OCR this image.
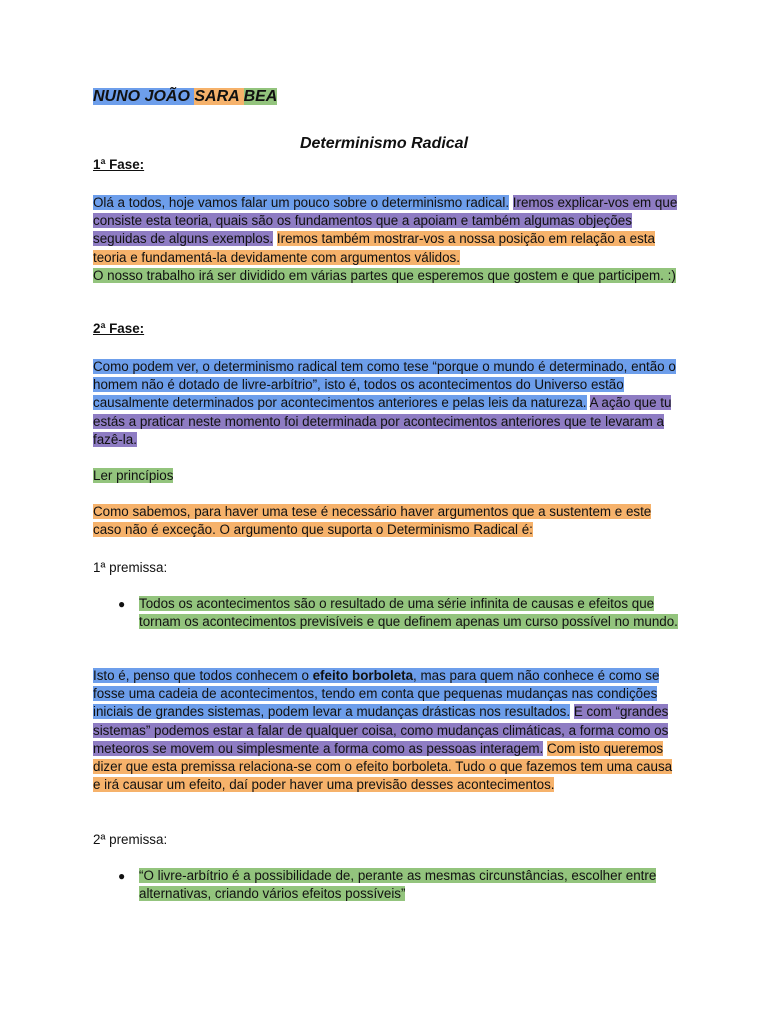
NUNO JOÃO SARA BEA
Determinismo Radical
1ª Fase:
Olá a todos, hoje vamos falar um pouco sobre o determinismo radical. Iremos explicar-vos em que consiste esta teoria, quais são os fundamentos que a apoiam e também algumas objeções seguidas de alguns exemplos. Iremos também mostrar-vos a nossa posição em relação a esta teoria e fundamentá-la devidamente com argumentos válidos.
O nosso trabalho irá ser dividido em várias partes que esperemos que gostem e que participem. :)
2ª Fase:
Como podem ver, o determinismo radical tem como tese “porque o mundo é determinado, então o homem não é dotado de livre-arbítrio”, isto é, todos os acontecimentos do Universo estão causalmente determinados por acontecimentos anteriores e pelas leis da natureza. A ação que tu estás a praticar neste momento foi determinada por acontecimentos anteriores que te levaram a fazê-la.
Ler princípios
Como sabemos, para haver uma tese é necessário haver argumentos que a sustentem e este caso não é exceção. O argumento que suporta o Determinismo Radical é:
1ª premissa:
● Todos os acontecimentos são o resultado de uma série infinita de causas e efeitos que tornam os acontecimentos previsíveis e que definem apenas um curso possível no mundo.
Isto é, penso que todos conhecem o efeito borboleta, mas para quem não conhece é como se fosse uma cadeia de acontecimentos, tendo em conta que pequenas mudanças nas condições iniciais de grandes sistemas, podem levar a mudanças drásticas nos resultados. E com “grandes sistemas” podemos estar a falar de qualquer coisa, como mudanças climáticas, a forma como os meteoros se movem ou simplesmente a forma como as pessoas interagem. Com isto queremos dizer que esta premissa relaciona-se com o efeito borboleta. Tudo o que fazemos tem uma causa e irá causar um efeito, daí poder haver uma previsão desses acontecimentos.
2ª premissa:
● “O livre-arbítrio é a possibilidade de, perante as mesmas circunstâncias, escolher entre alternativas, criando vários efeitos possíveis”
